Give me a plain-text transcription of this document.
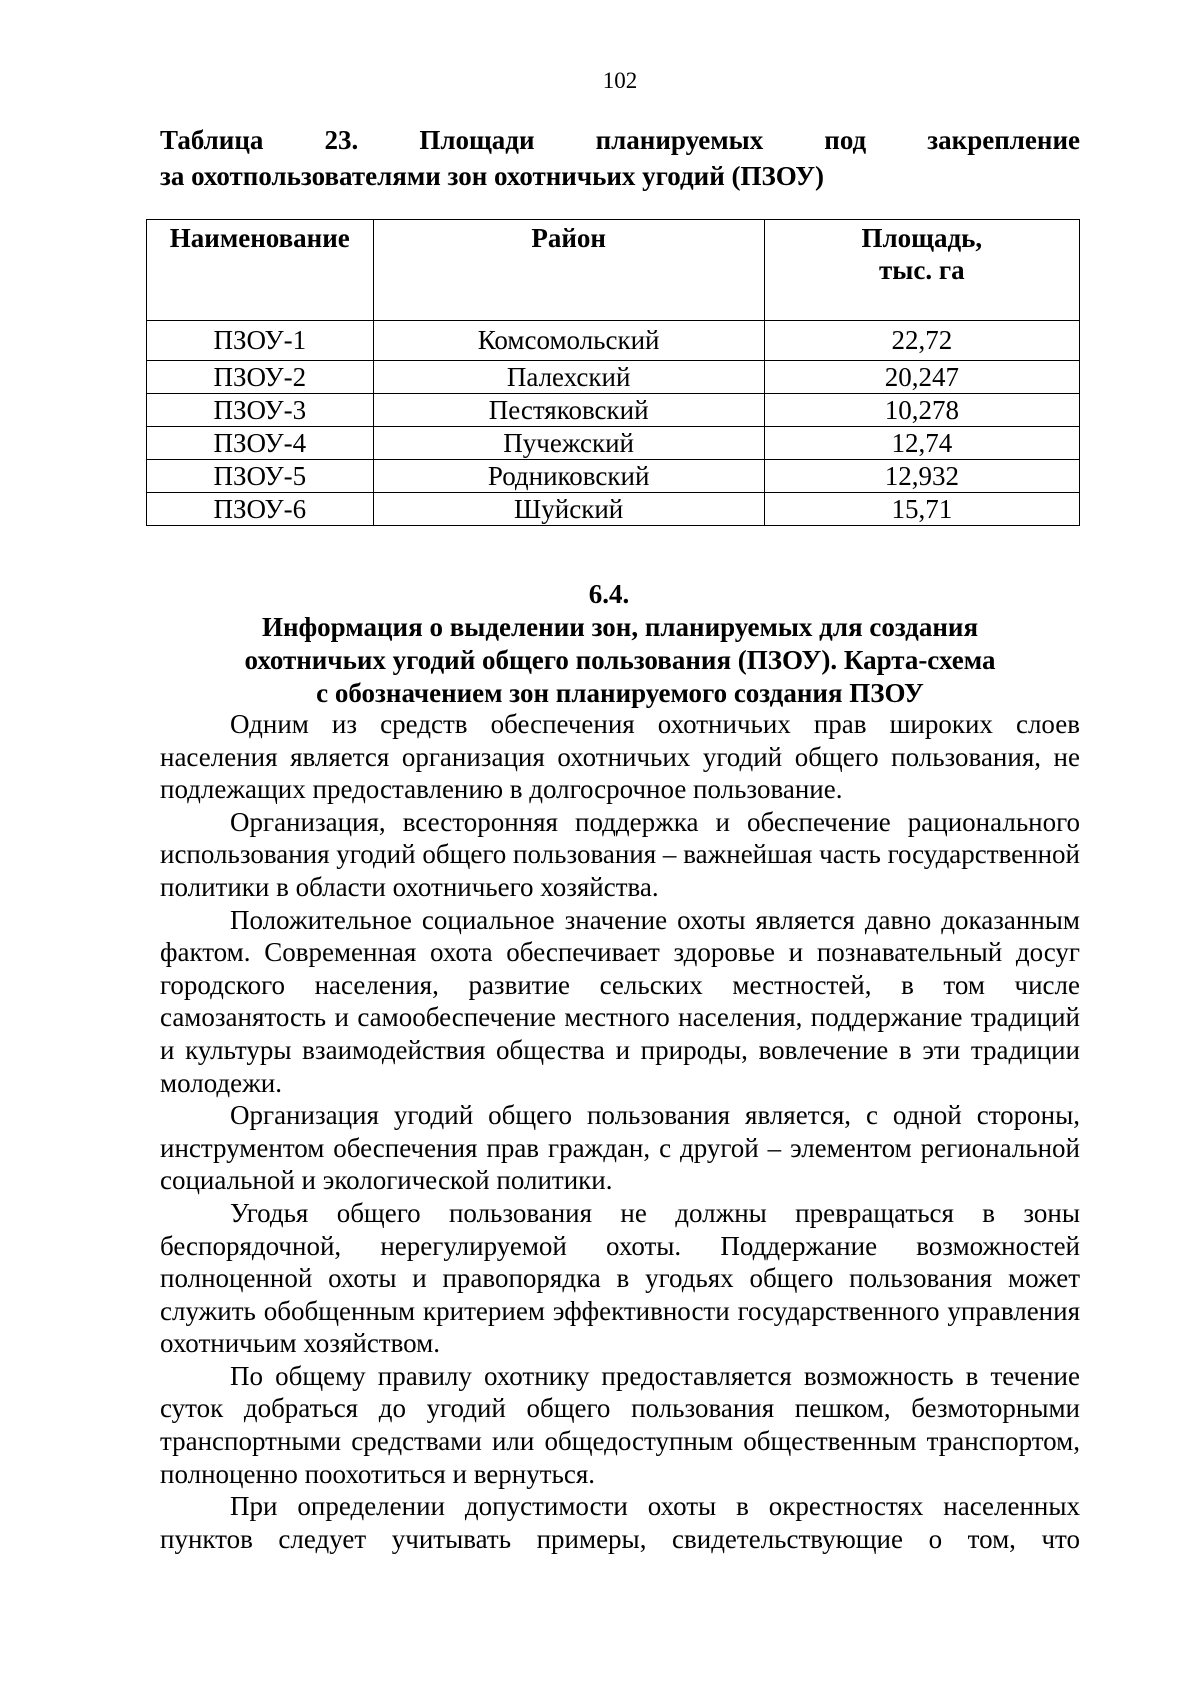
102
Таблица 23. Площади планируемых под закрепление
за охотпользователями зон охотничьих угодий (ПЗОУ)
Наименование	Район	Площадь,
тыс. га

ПЗОУ-1	Комсомольский	22,72
ПЗОУ-2	Палехский	20,247
ПЗОУ-3	Пестяковский	10,278
ПЗОУ-4	Пучежский	12,74
ПЗОУ-5	Родниковский	12,932
ПЗОУ-6	Шуйский	15,71
6.4.
Информация о выделении зон, планируемых для создания
охотничьих угодий общего пользования (ПЗОУ). Карта-схема
с обозначением зон планируемого создания ПЗОУ

Одним из средств обеспечения охотничьих прав широких слоев населения является организация охотничьих угодий общего пользования, не подлежащих предоставлению в долгосрочное пользование.

Организация, всесторонняя поддержка и обеспечение рационального использования угодий общего пользования – важнейшая часть государственной политики в области охотничьего хозяйства.

Положительное социальное значение охоты является давно доказанным фактом. Современная охота обеспечивает здоровье и познавательный досуг городского населения, развитие сельских местностей, в том числе самозанятость и самообеспечение местного населения, поддержание традиций и культуры взаимодействия общества и природы, вовлечение в эти традиции молодежи.

Организация угодий общего пользования является, с одной стороны, инструментом обеспечения прав граждан, с другой – элементом региональной социальной и экологической политики.

Угодья общего пользования не должны превращаться в зоны беспорядочной, нерегулируемой охоты. Поддержание возможностей полноценной охоты и правопорядка в угодьях общего пользования может служить обобщенным критерием эффективности государственного управления охотничьим хозяйством.

По общему правилу охотнику предоставляется возможность в течение суток добраться до угодий общего пользования пешком, безмоторными транспортными средствами или общедоступным общественным транспортом, полноценно поохотиться и вернуться.

При определении допустимости охоты в окрестностях населенных пунктов следует учитывать примеры, свидетельствующие о том, что
